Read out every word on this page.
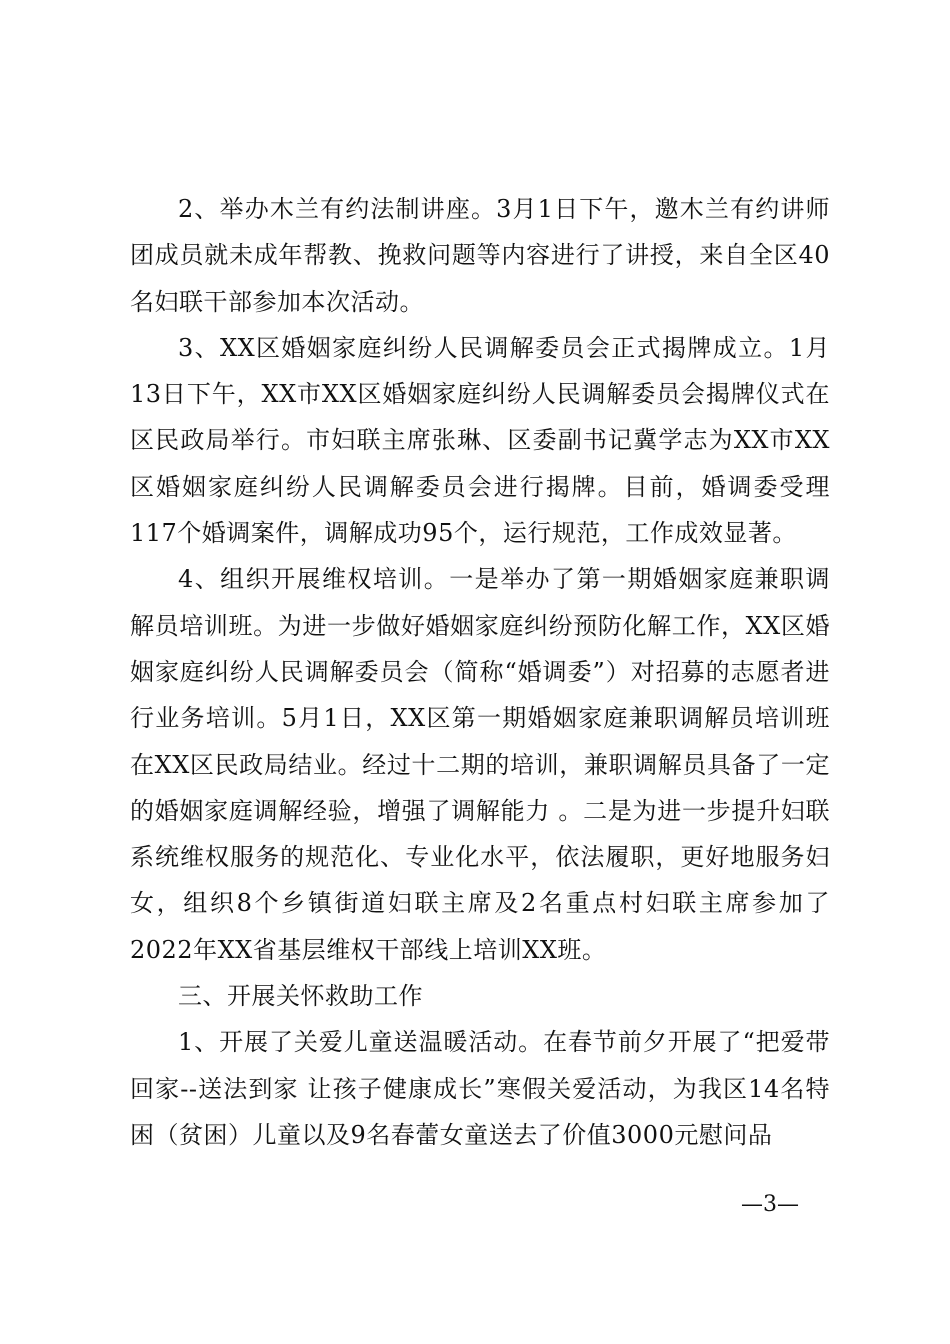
2、举办木兰有约法制讲座。3月1日下午，邀木兰有约讲师团成员就未成年帮教、挽救问题等内容进行了讲授，来自全区40名妇联干部参加本次活动。

3、XX区婚姻家庭纠纷人民调解委员会正式揭牌成立。1月13日下午，XX市XX区婚姻家庭纠纷人民调解委员会揭牌仪式在区民政局举行。市妇联主席张琳、区委副书记冀学志为XX市XX区婚姻家庭纠纷人民调解委员会进行揭牌。目前，婚调委受理117个婚调案件，调解成功95个，运行规范，工作成效显著。

4、组织开展维权培训。一是举办了第一期婚姻家庭兼职调解员培训班。为进一步做好婚姻家庭纠纷预防化解工作，XX区婚姻家庭纠纷人民调解委员会（简称“婚调委”）对招募的志愿者进行业务培训。5月1日，XX区第一期婚姻家庭兼职调解员培训班在XX区民政局结业。经过十二期的培训，兼职调解员具备了一定的婚姻家庭调解经验，增强了调解能力 。二是为进一步提升妇联系统维权服务的规范化、专业化水平，依法履职，更好地服务妇女，组织8个乡镇街道妇联主席及2名重点村妇联主席参加了2022年XX省基层维权干部线上培训XX班。

三、开展关怀救助工作

1、开展了关爱儿童送温暖活动。在春节前夕开展了“把爱带回家--送法到家 让孩子健康成长”寒假关爱活动，为我区14名特困（贫困）儿童以及9名春蕾女童送去了价值3000元慰问品

—3—
